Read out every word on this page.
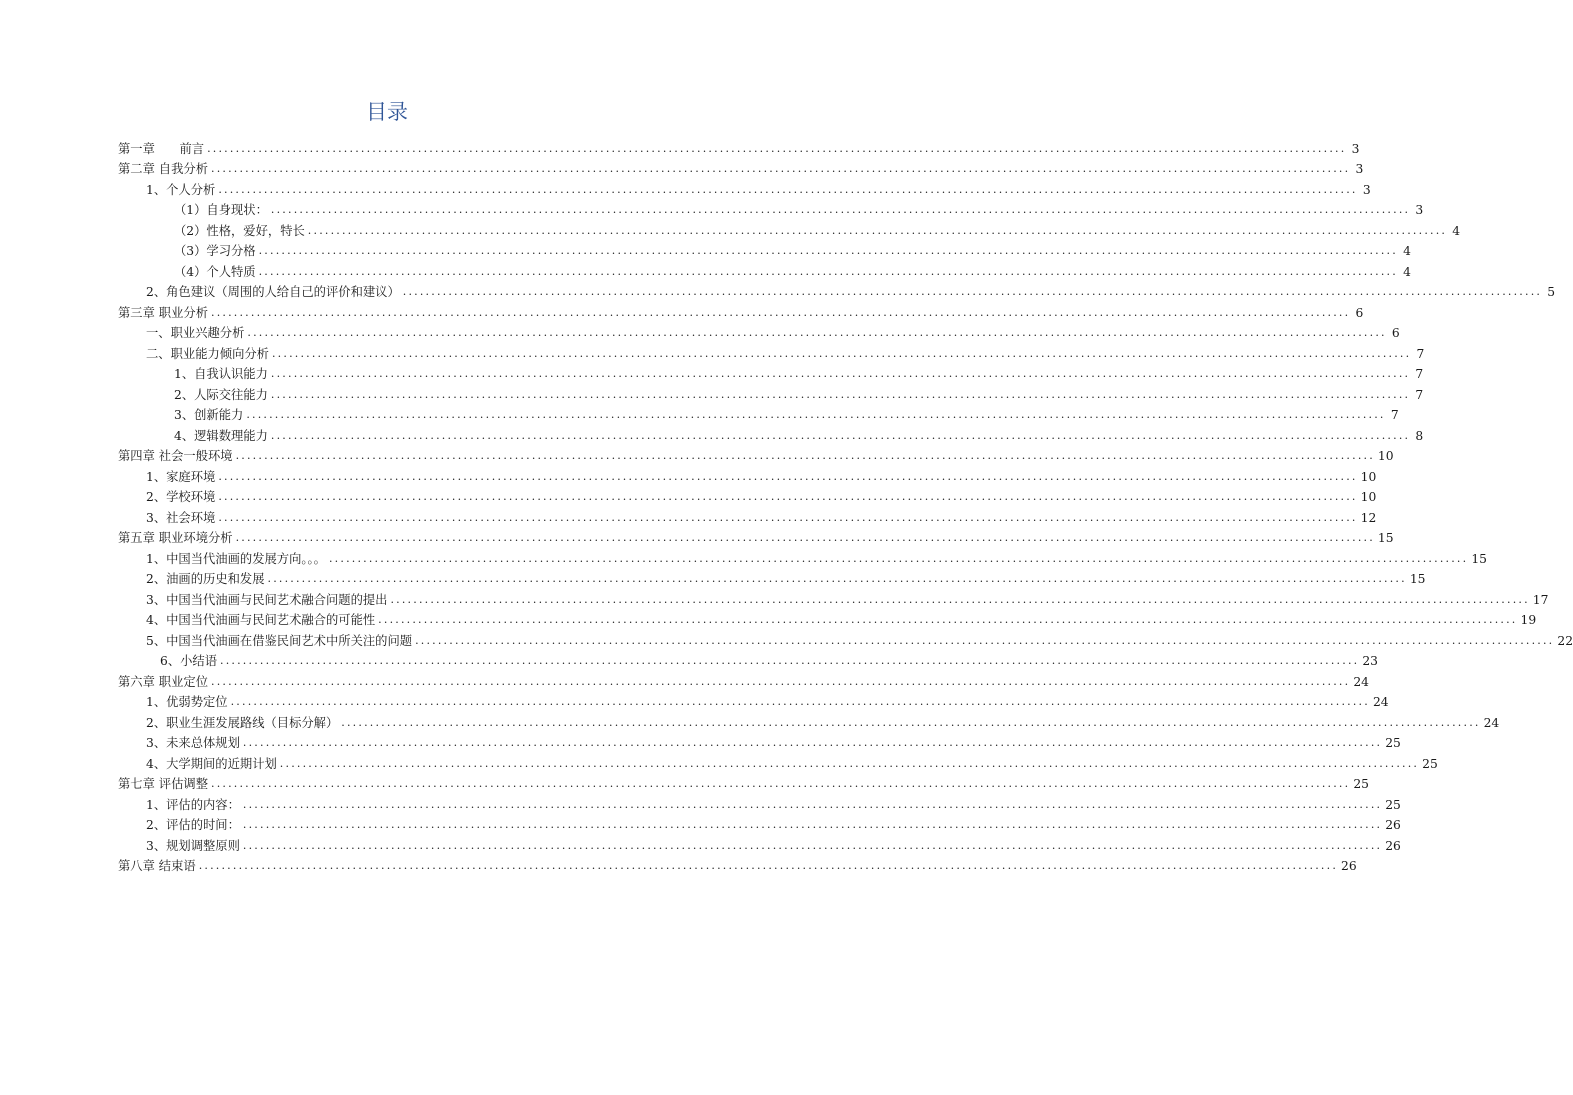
目录
第一章　　前言 ........................................................................................................................................................................................................ 3
第二章 自我分析 ........................................................................................................................................................................................................ 3
1、个人分析 ........................................................................................................................................................................................................ 3
（1）自身现状： ........................................................................................................................................................................................................ 3
（2）性格，爱好，特长 ........................................................................................................................................................................................................ 4
（3）学习分格 ........................................................................................................................................................................................................ 4
（4）个人特质 ........................................................................................................................................................................................................ 4
2、角色建议（周围的人给自己的评价和建议） ........................................................................................................................................................................................................ 5
第三章 职业分析 ........................................................................................................................................................................................................ 6
一、职业兴趣分析 ........................................................................................................................................................................................................ 6
二、职业能力倾向分析 ........................................................................................................................................................................................................ 7
1、自我认识能力 ........................................................................................................................................................................................................ 7
2、人际交往能力 ........................................................................................................................................................................................................ 7
3、创新能力 ........................................................................................................................................................................................................ 7
4、逻辑数理能力 ........................................................................................................................................................................................................ 8
第四章 社会一般环境 ........................................................................................................................................................................................................ 10
1、家庭环境 ........................................................................................................................................................................................................ 10
2、学校环境 ........................................................................................................................................................................................................ 10
3、社会环境 ........................................................................................................................................................................................................ 12
第五章 职业环境分析 ........................................................................................................................................................................................................ 15
1、中国当代油画的发展方向。。。 ........................................................................................................................................................................................................ 15
2、油画的历史和发展 ........................................................................................................................................................................................................ 15
3、中国当代油画与民间艺术融合问题的提出 ........................................................................................................................................................................................................ 17
4、中国当代油画与民间艺术融合的可能性 ........................................................................................................................................................................................................ 19
5、中国当代油画在借鉴民间艺术中所关注的问题 ........................................................................................................................................................................................................ 22
6、小结语 ........................................................................................................................................................................................................ 23
第六章 职业定位 ........................................................................................................................................................................................................ 24
1、优弱势定位 ........................................................................................................................................................................................................ 24
2、职业生涯发展路线（目标分解） ........................................................................................................................................................................................................ 24
3、未来总体规划 ........................................................................................................................................................................................................ 25
4、大学期间的近期计划 ........................................................................................................................................................................................................ 25
第七章 评估调整 ........................................................................................................................................................................................................ 25
1、评估的内容： ........................................................................................................................................................................................................ 25
2、评估的时间： ........................................................................................................................................................................................................ 26
3、规划调整原则 ........................................................................................................................................................................................................ 26
第八章 结束语 ........................................................................................................................................................................................................ 26
